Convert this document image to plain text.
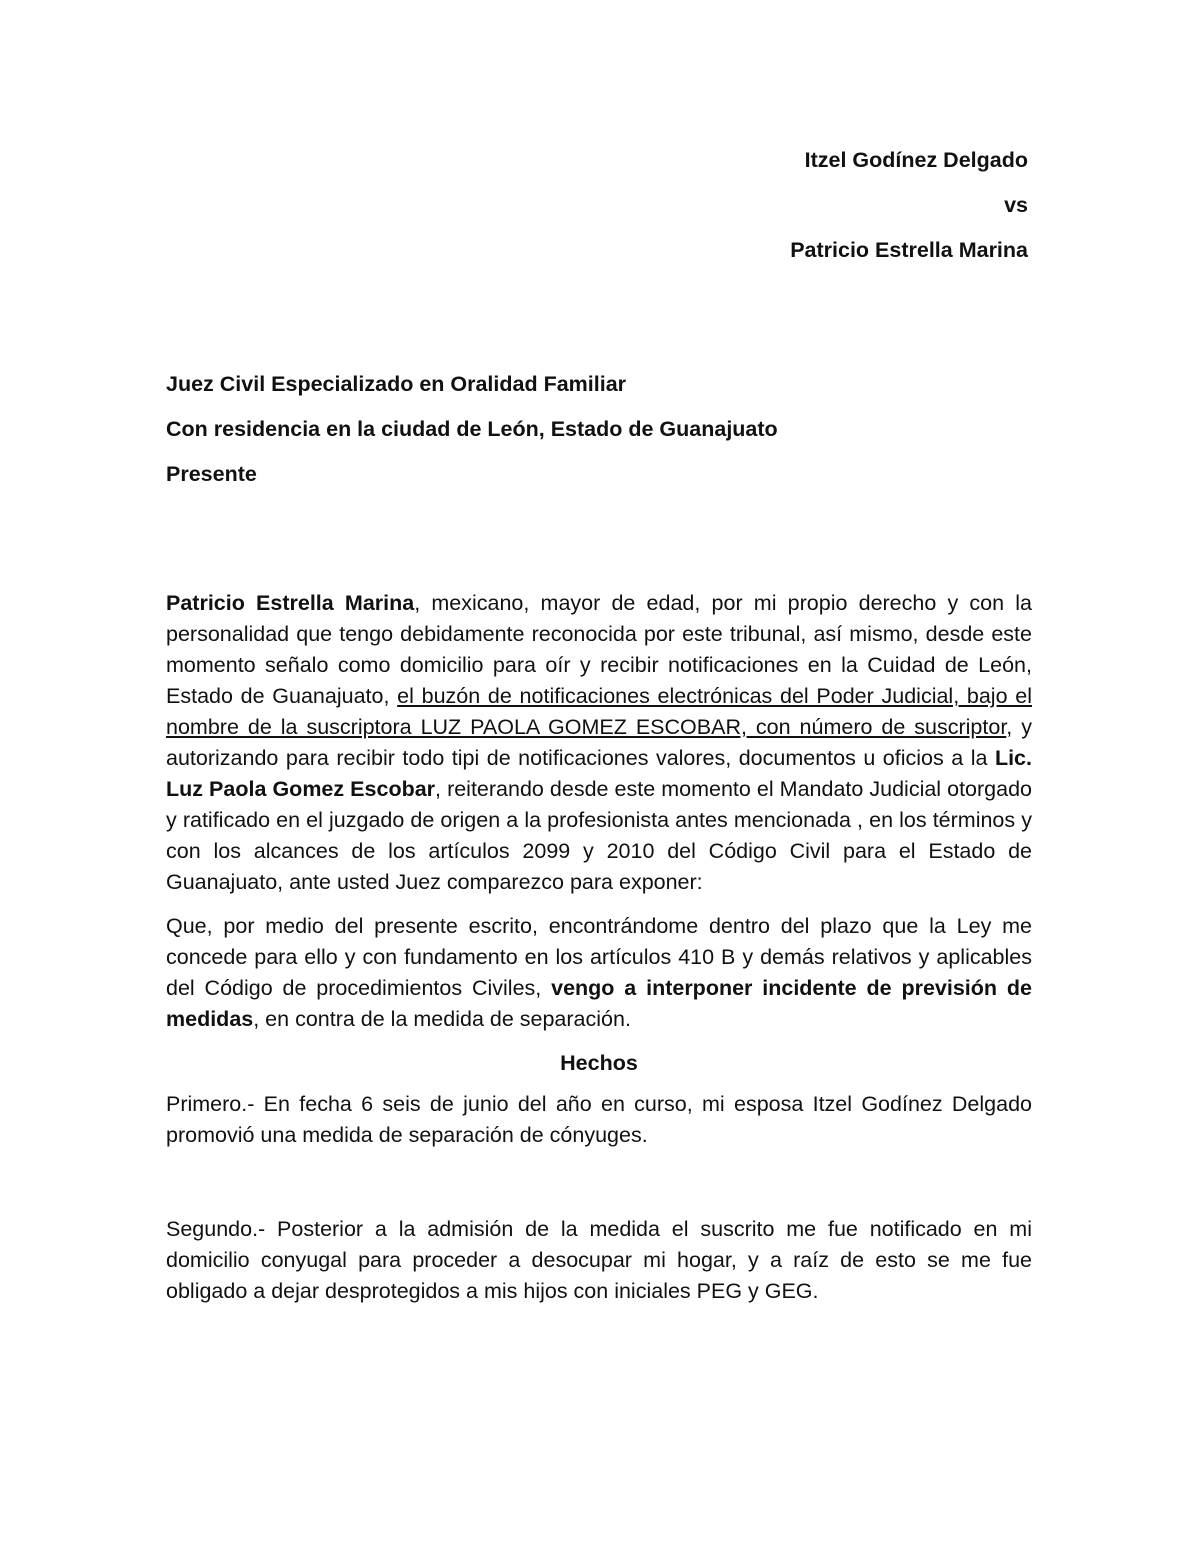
Itzel Godínez Delgado
vs
Patricio Estrella Marina
Juez Civil Especializado en Oralidad Familiar
Con residencia en la ciudad de León, Estado de Guanajuato
Presente

Patricio Estrella Marina, mexicano, mayor de edad, por mi propio derecho y con la personalidad que tengo debidamente reconocida por este tribunal, así mismo, desde este momento señalo como domicilio para oír y recibir notificaciones en la Cuidad de León, Estado de Guanajuato, el buzón de notificaciones electrónicas del Poder Judicial, bajo el nombre de la suscriptora LUZ PAOLA GOMEZ ESCOBAR, con número de suscriptor, y autorizando para recibir todo tipi de notificaciones valores, documentos u oficios a la Lic. Luz Paola Gomez Escobar, reiterando desde este momento el Mandato Judicial otorgado y ratificado en el juzgado de origen a la profesionista antes mencionada , en los términos y con los alcances de los artículos 2099 y 2010 del Código Civil para el Estado de Guanajuato, ante usted Juez comparezco para exponer:

Que, por medio del presente escrito, encontrándome dentro del plazo que la Ley me concede para ello y con fundamento en los artículos 410 B y demás relativos y aplicables del Código de procedimientos Civiles, vengo a interponer incidente de previsión de medidas, en contra de la medida de separación.

Hechos

Primero.- En fecha 6 seis de junio del año en curso, mi esposa Itzel Godínez Delgado promovió una medida de separación de cónyuges.

Segundo.- Posterior a la admisión de la medida el suscrito me fue notificado en mi domicilio conyugal para proceder a desocupar mi hogar, y a raíz de esto se me fue obligado a dejar desprotegidos a mis hijos con iniciales PEG y GEG.
